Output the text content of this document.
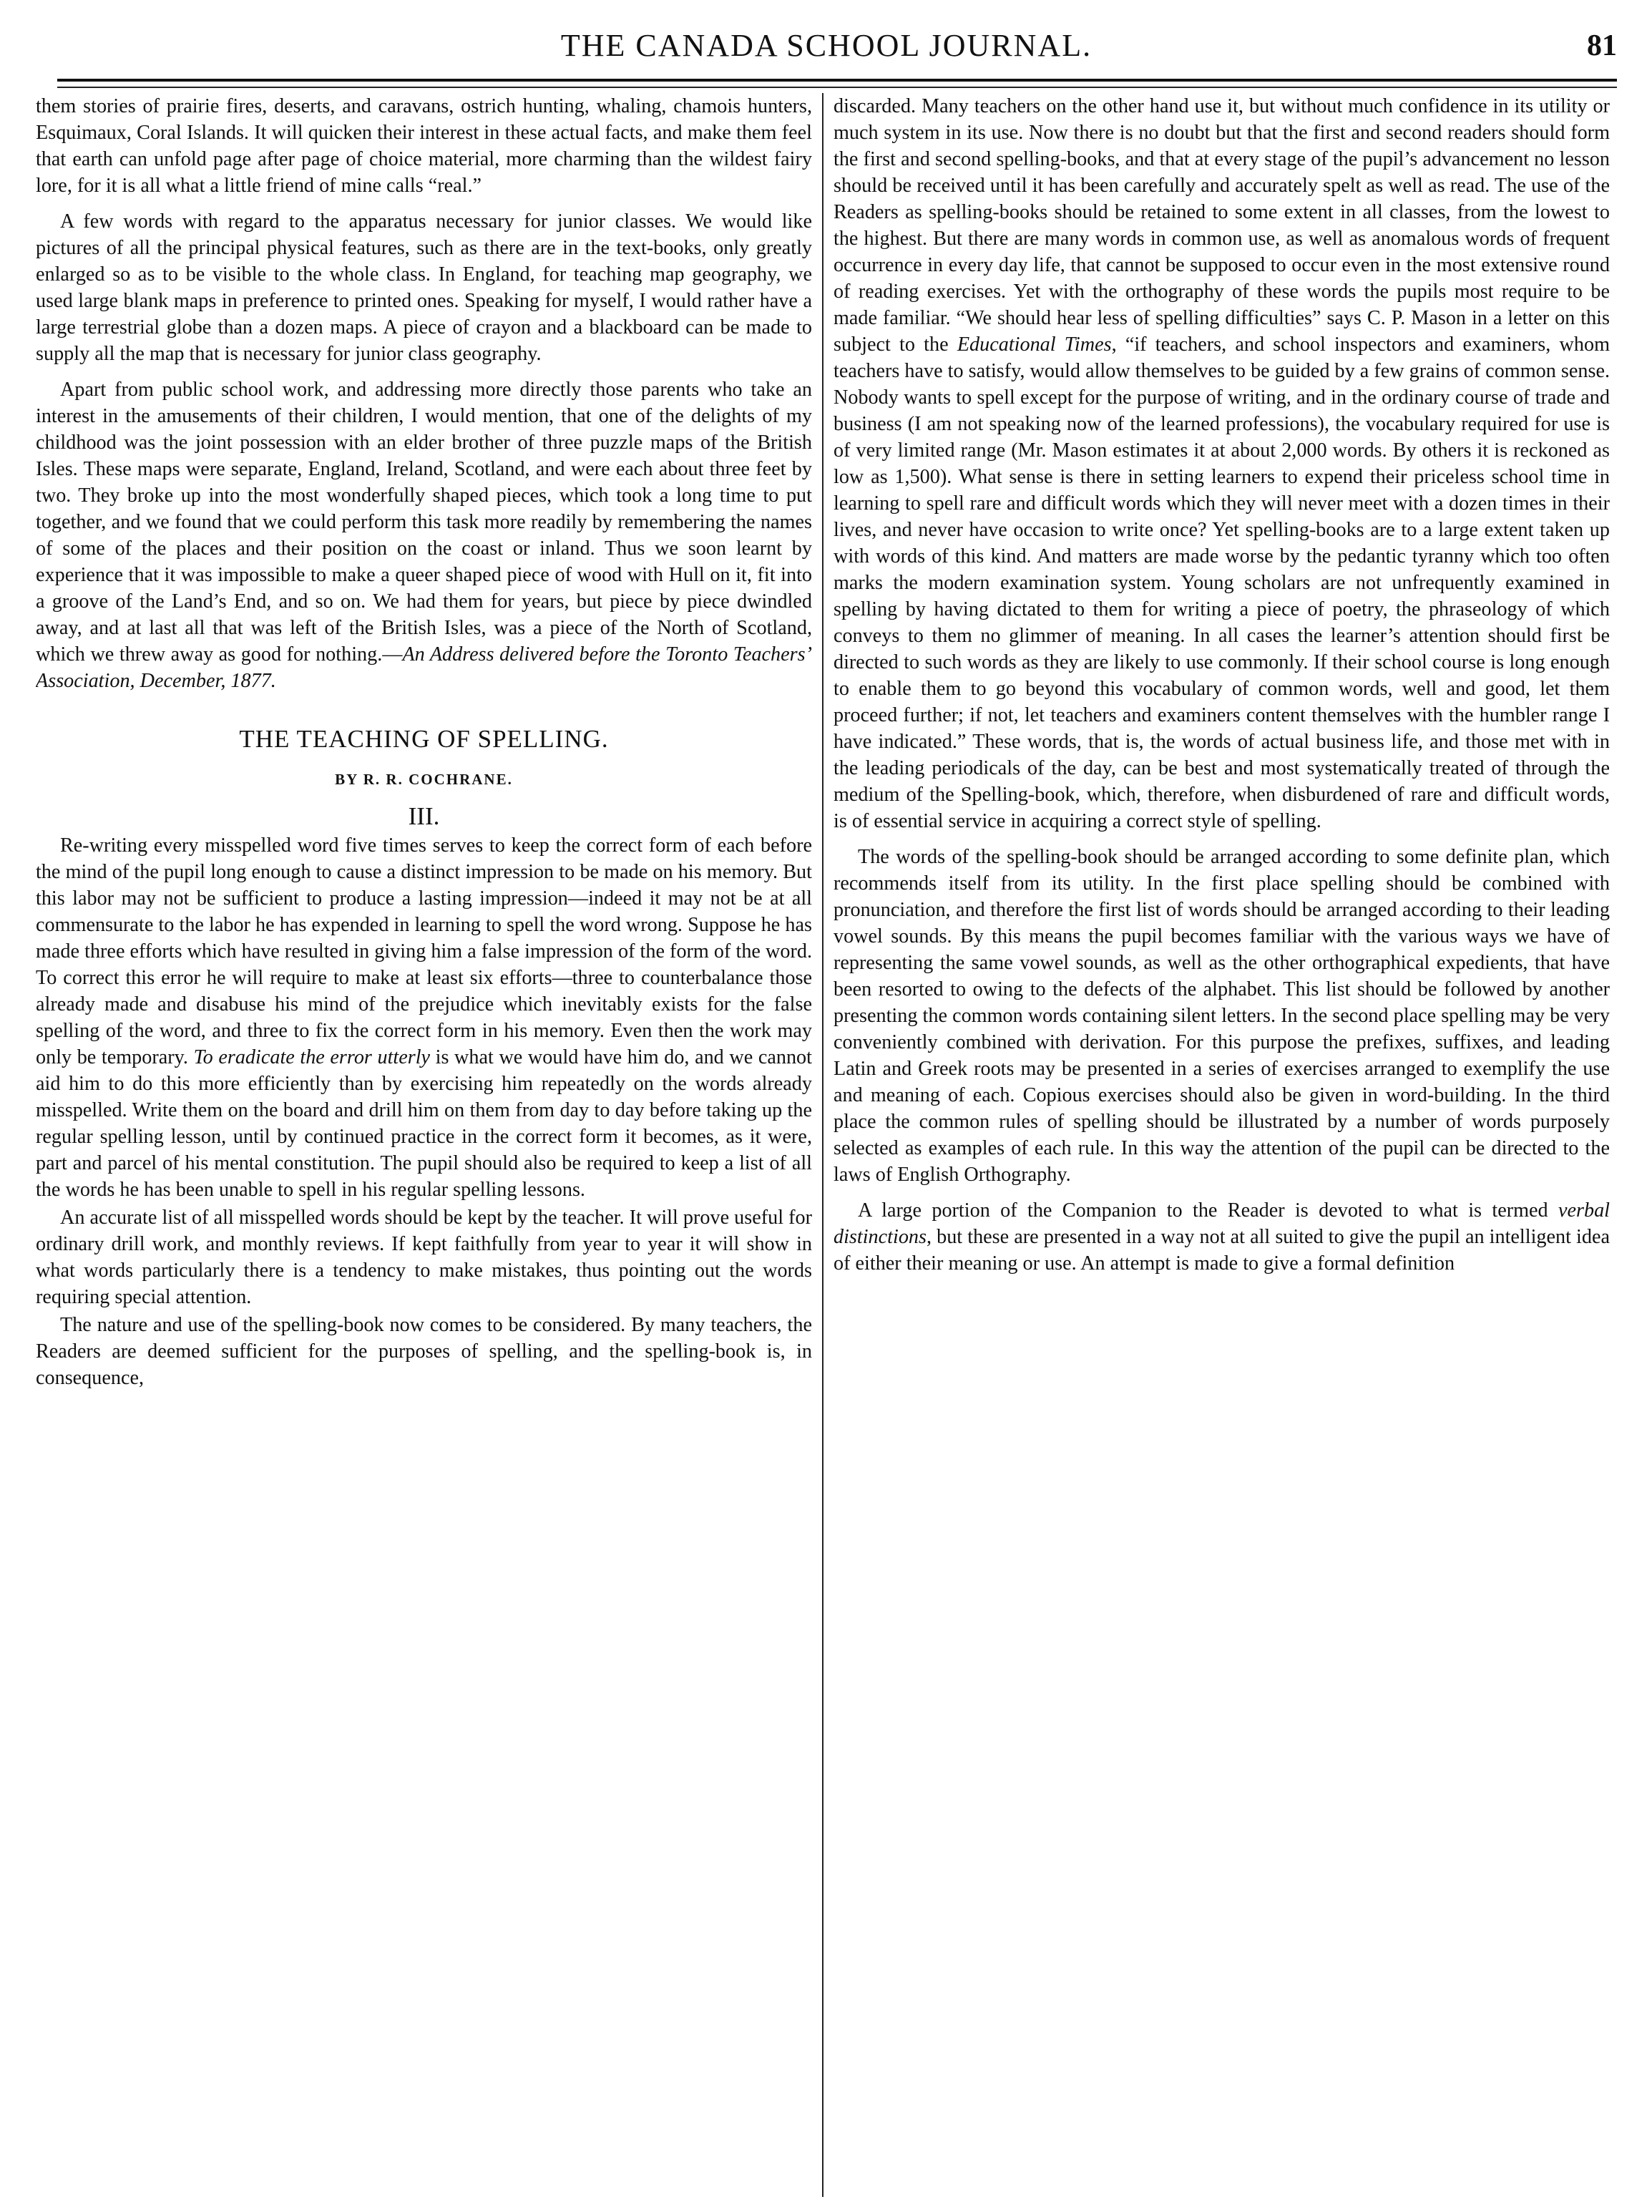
THE CANADA SCHOOL JOURNAL.	81

them stories of prairie fires, deserts, and caravans, ostrich hunting, whaling, chamois hunters, Esquimaux, Coral Islands. It will quicken their interest in these actual facts, and make them feel that earth can unfold page after page of choice material, more charming than the wildest fairy lore, for it is all what a little friend of mine calls “real.”

A few words with regard to the apparatus necessary for junior classes. We would like pictures of all the principal physical features, such as there are in the text-books, only greatly enlarged so as to be visible to the whole class. In England, for teaching map geography, we used large blank maps in preference to printed ones. Speaking for myself, I would rather have a large terrestrial globe than a dozen maps. A piece of crayon and a blackboard can be made to supply all the map that is necessary for junior class geography.

Apart from public school work, and addressing more directly those parents who take an interest in the amusements of their children, I would mention, that one of the delights of my childhood was the joint possession with an elder brother of three puzzle maps of the British Isles. These maps were separate, England, Ireland, Scotland, and were each about three feet by two. They broke up into the most wonderfully shaped pieces, which took a long time to put together, and we found that we could perform this task more readily by remembering the names of some of the places and their position on the coast or inland. Thus we soon learnt by experience that it was impossible to make a queer shaped piece of wood with Hull on it, fit into a groove of the Land’s End, and so on. We had them for years, but piece by piece dwindled away, and at last all that was left of the British Isles, was a piece of the North of Scotland, which we threw away as good for nothing.—An Address delivered before the Toronto Teachers’ Association, December, 1877.

THE TEACHING OF SPELLING.
BY R. R. COCHRANE.
III.

Re-writing every misspelled word five times serves to keep the correct form of each before the mind of the pupil long enough to cause a distinct impression to be made on his memory. But this labor may not be sufficient to produce a lasting impression—indeed it may not be at all commensurate to the labor he has expended in learning to spell the word wrong. Suppose he has made three efforts which have resulted in giving him a false impression of the form of the word. To correct this error he will require to make at least six efforts—three to counterbalance those already made and disabuse his mind of the prejudice which inevitably exists for the false spelling of the word, and three to fix the correct form in his memory. Even then the work may only be temporary. To eradicate the error utterly is what we would have him do, and we cannot aid him to do this more efficiently than by exercising him repeatedly on the words already misspelled. Write them on the board and drill him on them from day to day before taking up the regular spelling lesson, until by continued practice in the correct form it becomes, as it were, part and parcel of his mental constitution. The pupil should also be required to keep a list of all the words he has been unable to spell in his regular spelling lessons.

An accurate list of all misspelled words should be kept by the teacher. It will prove useful for ordinary drill work, and monthly reviews. If kept faithfully from year to year it will show in what words particularly there is a tendency to make mistakes, thus pointing out the words requiring special attention.

The nature and use of the spelling-book now comes to be considered. By many teachers, the Readers are deemed sufficient for the purposes of spelling, and the spelling-book is, in consequence,

discarded. Many teachers on the other hand use it, but without much confidence in its utility or much system in its use. Now there is no doubt but that the first and second readers should form the first and second spelling-books, and that at every stage of the pupil’s advancement no lesson should be received until it has been carefully and accurately spelt as well as read. The use of the Readers as spelling-books should be retained to some extent in all classes, from the lowest to the highest. But there are many words in common use, as well as anomalous words of frequent occurrence in every day life, that cannot be supposed to occur even in the most extensive round of reading exercises. Yet with the orthography of these words the pupils most require to be made familiar. “We should hear less of spelling difficulties” says C. P. Mason in a letter on this subject to the Educational Times, “if teachers, and school inspectors and examiners, whom teachers have to satisfy, would allow themselves to be guided by a few grains of common sense. Nobody wants to spell except for the purpose of writing, and in the ordinary course of trade and business (I am not speaking now of the learned professions), the vocabulary required for use is of very limited range (Mr. Mason estimates it at about 2,000 words. By others it is reckoned as low as 1,500). What sense is there in setting learners to expend their priceless school time in learning to spell rare and difficult words which they will never meet with a dozen times in their lives, and never have occasion to write once? Yet spelling-books are to a large extent taken up with words of this kind. And matters are made worse by the pedantic tyranny which too often marks the modern examination system. Young scholars are not unfrequently examined in spelling by having dictated to them for writing a piece of poetry, the phraseology of which conveys to them no glimmer of meaning. In all cases the learner’s attention should first be directed to such words as they are likely to use commonly. If their school course is long enough to enable them to go beyond this vocabulary of common words, well and good, let them proceed further; if not, let teachers and examiners content themselves with the humbler range I have indicated.” These words, that is, the words of actual business life, and those met with in the leading periodicals of the day, can be best and most systematically treated of through the medium of the Spelling-book, which, therefore, when disburdened of rare and difficult words, is of essential service in acquiring a correct style of spelling.

The words of the spelling-book should be arranged according to some definite plan, which recommends itself from its utility. In the first place spelling should be combined with pronunciation, and therefore the first list of words should be arranged according to their leading vowel sounds. By this means the pupil becomes familiar with the various ways we have of representing the same vowel sounds, as well as the other orthographical expedients, that have been resorted to owing to the defects of the alphabet. This list should be followed by another presenting the common words containing silent letters. In the second place spelling may be very conveniently combined with derivation. For this purpose the prefixes, suffixes, and leading Latin and Greek roots may be presented in a series of exercises arranged to exemplify the use and meaning of each. Copious exercises should also be given in word-building. In the third place the common rules of spelling should be illustrated by a number of words purposely selected as examples of each rule. In this way the attention of the pupil can be directed to the laws of English Orthography.

A large portion of the Companion to the Reader is devoted to what is termed verbal distinctions, but these are presented in a way not at all suited to give the pupil an intelligent idea of either their meaning or use. An attempt is made to give a formal definition
